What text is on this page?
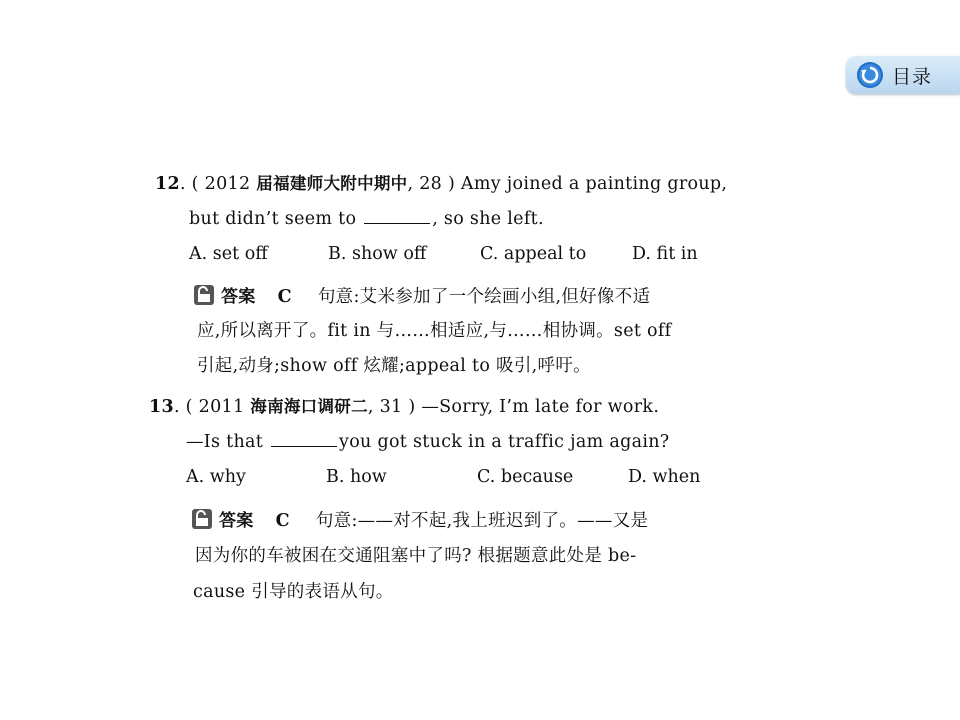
目录
12. ( 2012 届福建师大附中期中, 28 ) Amy joined a painting group,
but didn’t seem to	, so she left.
A. set off	B. show off	C. appeal to	D. fit in
答案 C 句意:艾米参加了一个绘画小组,但好像不适
应,所以离开了。fit in 与……相适应,与……相协调。set off
引起,动身;show off 炫耀;appeal to 吸引,呼吁。
13. ( 2011 海南海口调研二, 31 ) —Sorry, I’m late for work.
—Is that	you got stuck in a traffic jam again?
A. why	B. how	C. because	D. when
答案 C 句意:——对不起,我上班迟到了。——又是
因为你的车被困在交通阻塞中了吗? 根据题意此处是 be-
cause 引导的表语从句。
